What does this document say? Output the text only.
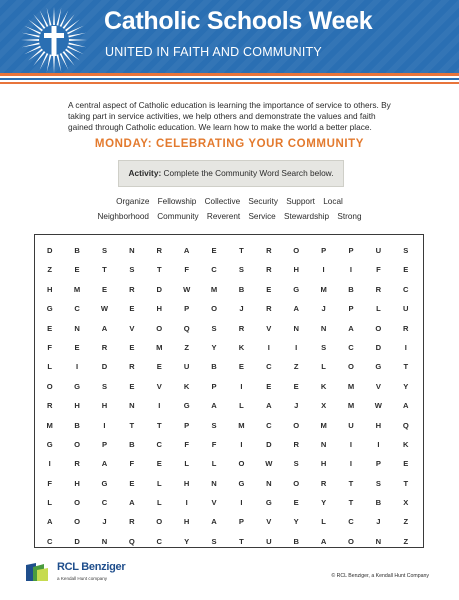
Catholic Schools Week
UNITED IN FAITH AND COMMUNITY

A central aspect of Catholic education is learning the importance of service to others. By taking part in service activities, we help others and demonstrate the values and faith gained through Catholic education. We learn how to make the world a better place.

MONDAY: CELEBRATING YOUR COMMUNITY
Activity: Complete the Community Word Search below.
Organize Fellowship Collective Security Support Local
Neighborhood Community Reverent Service Stewardship Strong
D	B	S	N	R	A	E	T	R	O	P	P	U	S
Z	E	T	S	T	F	C	S	R	H	I	I	F	E
H	M	E	R	D	W	M	B	E	G	M	B	R	C
G	C	W	E	H	P	O	J	R	A	J	P	L	U
E	N	A	V	O	Q	S	R	V	N	N	A	O	R
F	E	R	E	M	Z	Y	K	I	I	S	C	D	I
L	I	D	R	E	U	B	E	C	Z	L	O	G	T
O	G	S	E	V	K	P	I	E	E	K	M	V	Y
R	H	H	N	I	G	A	L	A	J	X	M	W	A
M	B	I	T	T	P	S	M	C	O	M	U	H	Q
G	O	P	B	C	F	F	I	D	R	N	I	I	K
I	R	A	F	E	L	L	O	W	S	H	I	P	E
F	H	G	E	L	H	N	G	N	O	R	T	S	T
L	O	C	A	L	I	V	I	G	E	Y	T	B	X
A	O	J	R	O	H	A	P	V	Y	L	C	J	Z
C	D	N	Q	C	Y	S	T	U	B	A	O	N	Z
RCL Benziger
a Kendall Hunt company	© RCL Benziger, a Kendall Hunt Company
